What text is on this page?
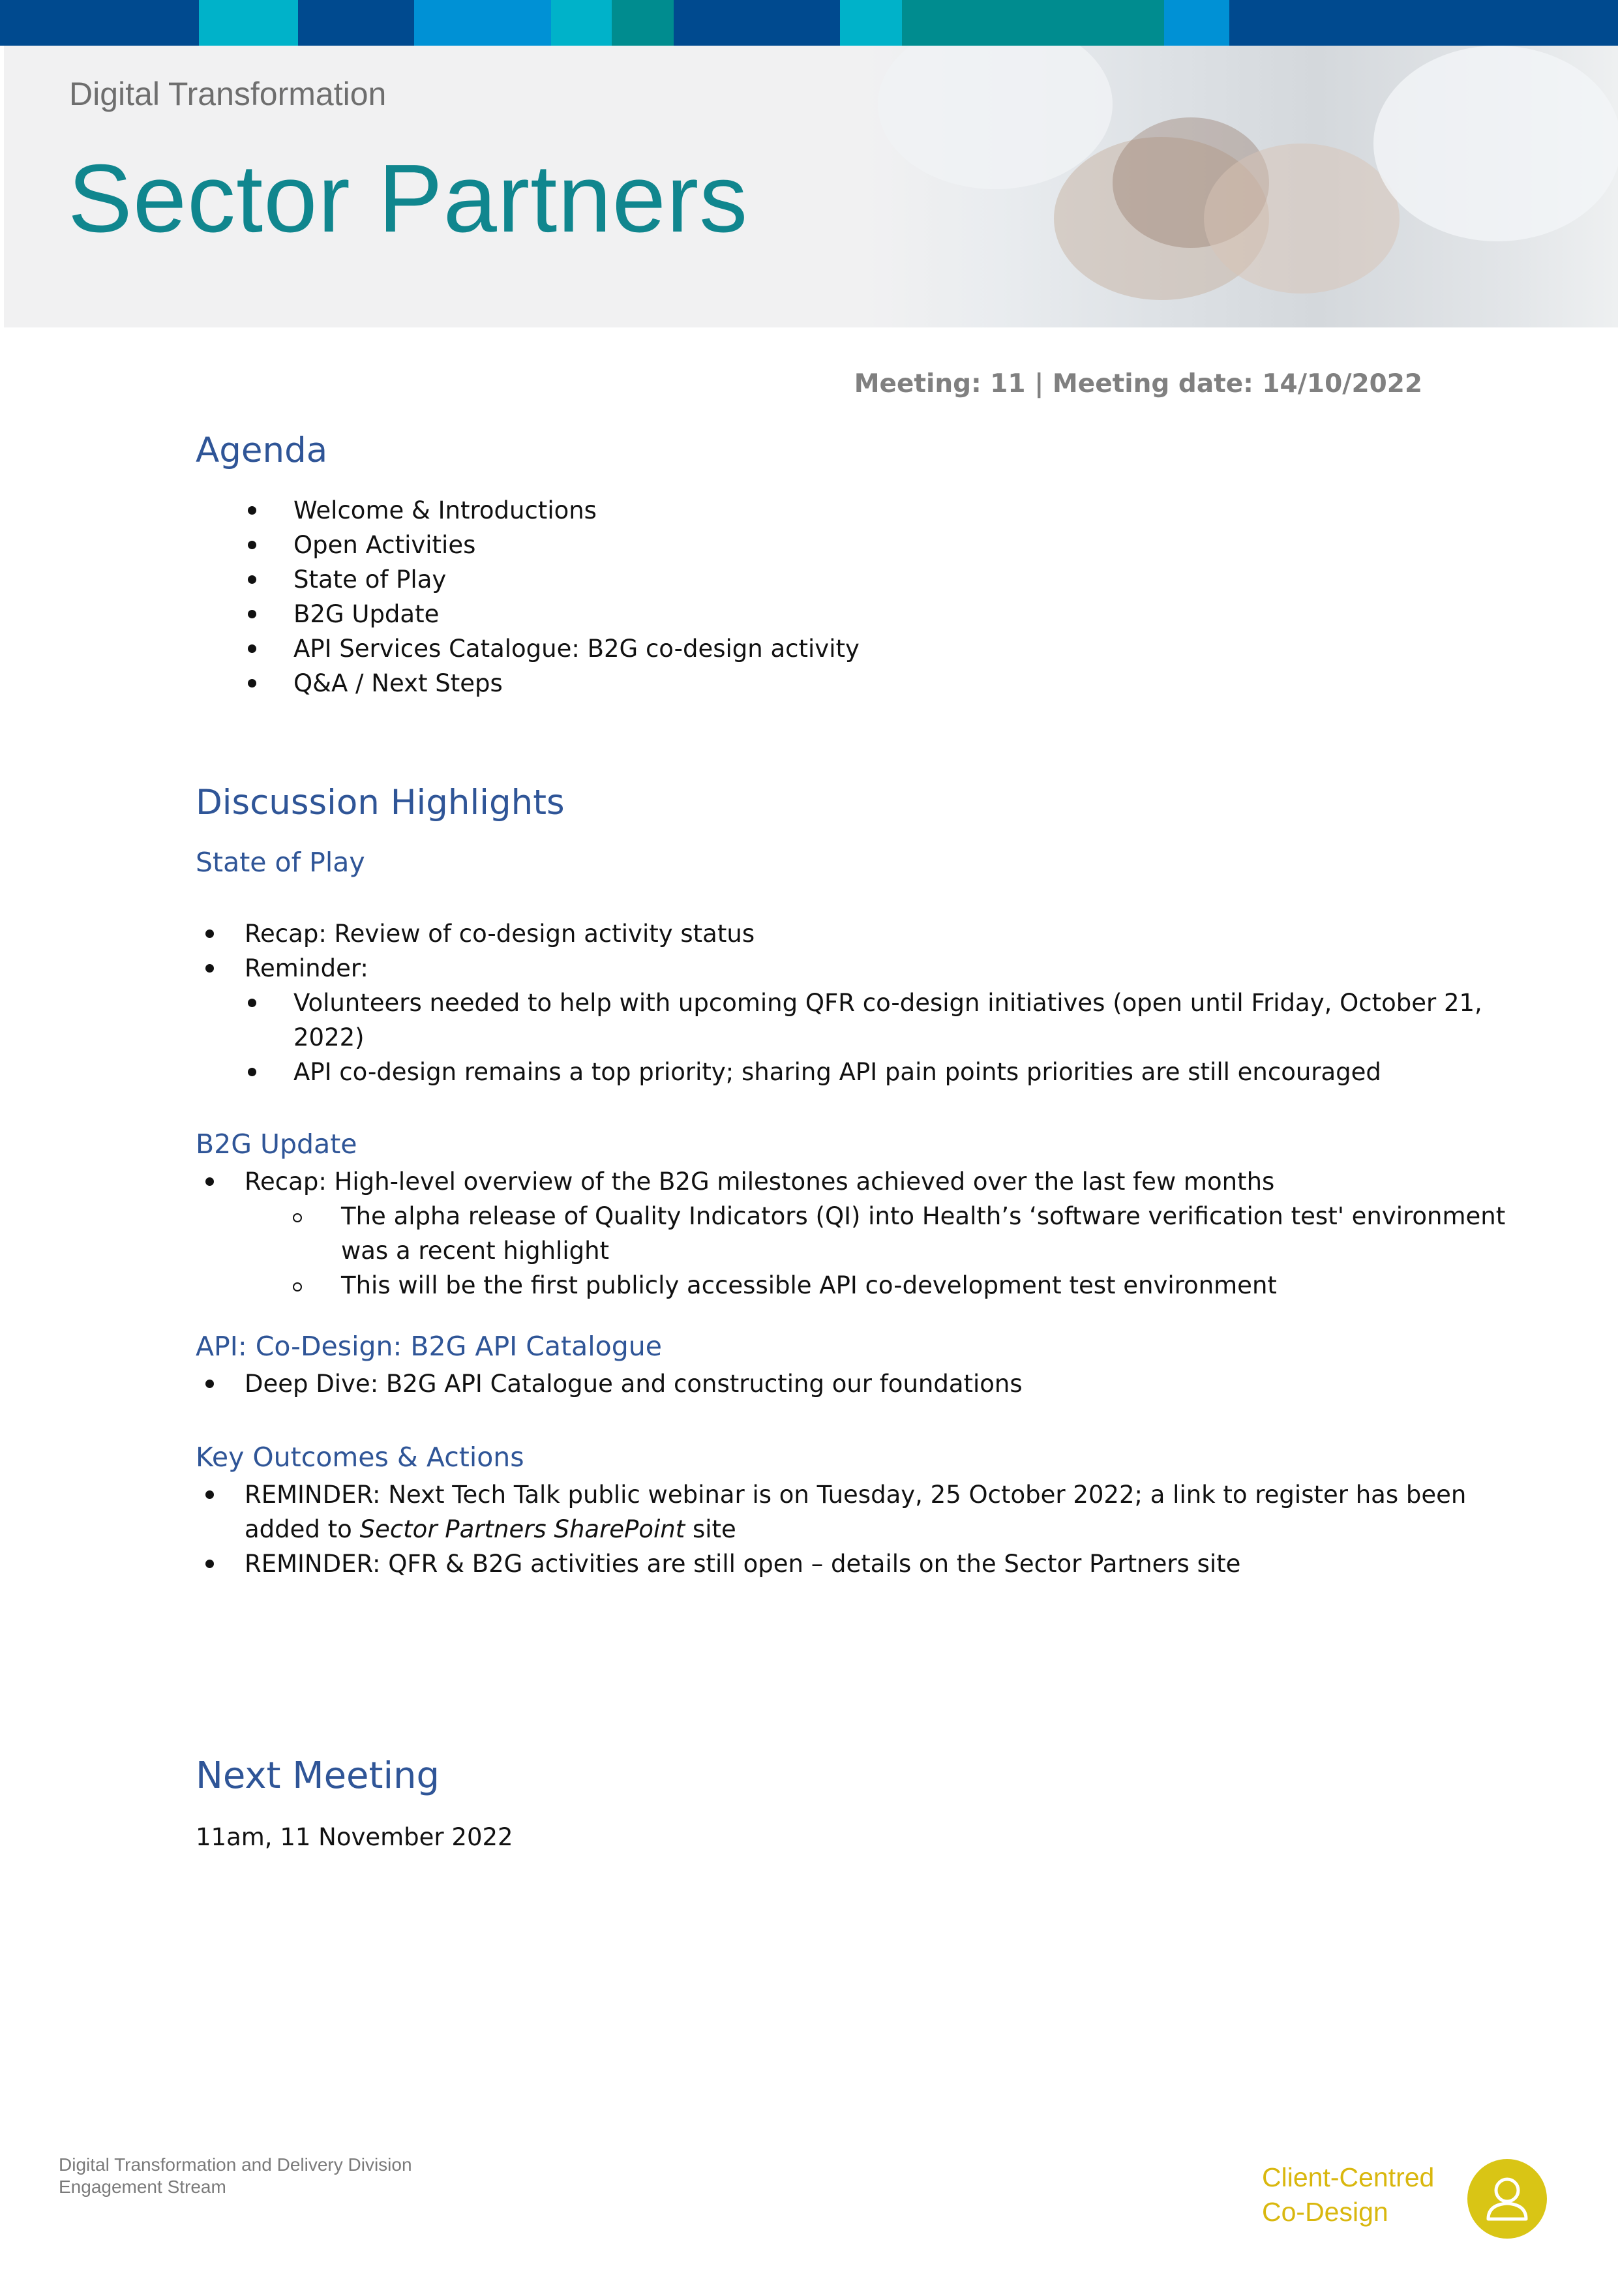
Digital Transformation
Sector Partners
Meeting: 11 | Meeting date: 14/10/2022
Agenda
Welcome & Introductions
Open Activities
State of Play
B2G Update
API Services Catalogue: B2G co-design activity
Q&A / Next Steps
Discussion Highlights
State of Play
Recap: Review of co-design activity status
Reminder:
Volunteers needed to help with upcoming QFR co-design initiatives (open until Friday, October 21,
2022)
API co-design remains a top priority; sharing API pain points priorities are still encouraged
B2G Update
Recap: High-level overview of the B2G milestones achieved over the last few months
The alpha release of Quality Indicators (QI) into Health’s ‘software verification test' environment
was a recent highlight
This will be the first publicly accessible API co-development test environment
API: Co-Design: B2G API Catalogue
Deep Dive: B2G API Catalogue and constructing our foundations
Key Outcomes & Actions
REMINDER: Next Tech Talk public webinar is on Tuesday, 25 October 2022; a link to register has been
added to Sector Partners SharePoint site
REMINDER: QFR & B2G activities are still open – details on the Sector Partners site
Next Meeting
11am, 11 November 2022
Digital Transformation and Delivery Division
Engagement Stream	Client-Centred
Co-Design
